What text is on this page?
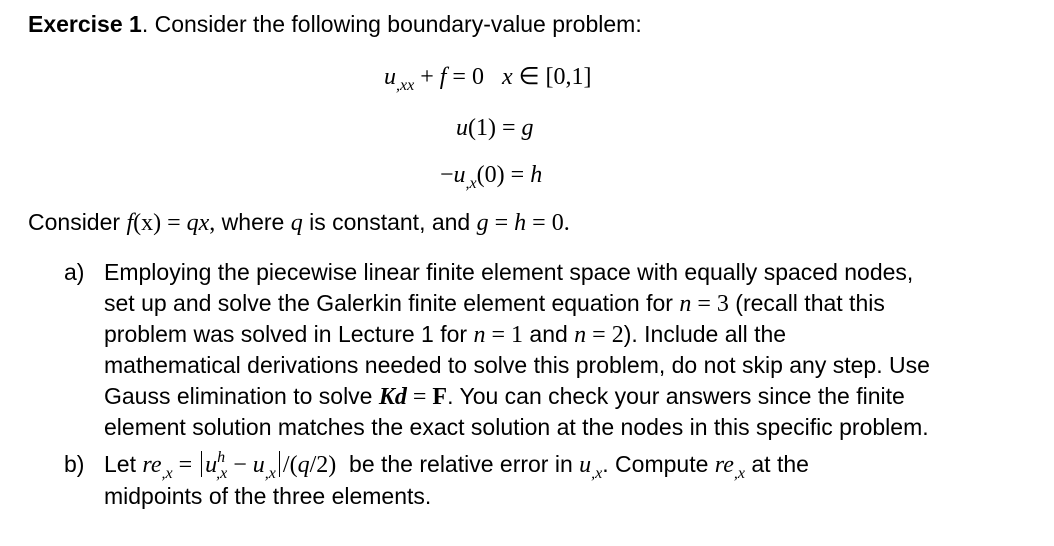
Exercise 1. Consider the following boundary-value problem:
$u_{,xx} + f = 0$   x ∈ [0,1]
u(1) = g
$-u_{,x}(0) = h$
Consider f(x) = qx, where q is constant, and g = h = 0.
a) Employing the piecewise linear finite element space with equally spaced nodes,
set up and solve the Galerkin finite element equation for n = 3 (recall that this
problem was solved in Lecture 1 for n = 1 and n = 2). Include all the
mathematical derivations needed to solve this problem, do not skip any step. Use
Gauss elimination to solve Kd = F. You can check your answers since the finite
element solution matches the exact solution at the nodes in this specific problem.
b) Let $re_{,x} = u^h_{,x} - u_{,x}$ /(q/2)  be the relative error in $u_{,x}$. Compute $re_{,x}$ at the
midpoints of the three elements.
